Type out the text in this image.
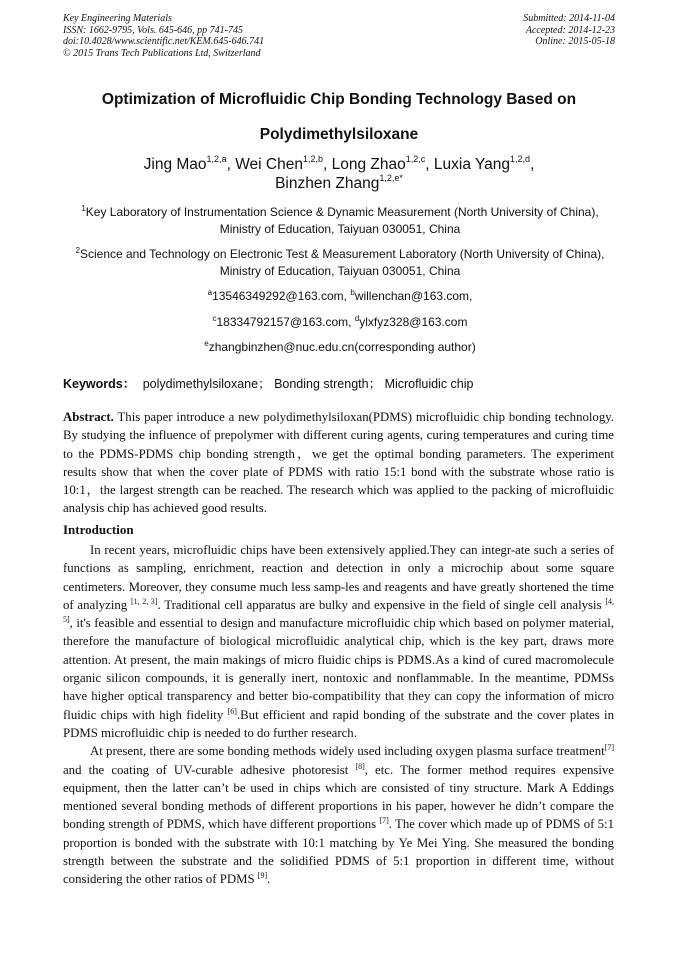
Key Engineering Materials
ISSN: 1662-9795, Vols. 645-646, pp 741-745
doi:10.4028/www.scientific.net/KEM.645-646.741
© 2015 Trans Tech Publications Ltd, Switzerland
Submitted: 2014-11-04
Accepted: 2014-12-23
Online: 2015-05-18
Optimization of Microfluidic Chip Bonding Technology Based on
Polydimethylsiloxane
Jing Mao$^{1,2,a}$, Wei Chen$^{1,2,b}$, Long Zhao$^{1,2,c}$, Luxia Yang$^{1,2,d}$,
Binzhen Zhang$^{1,2,e*}$
$^1$Key Laboratory of Instrumentation Science & Dynamic Measurement (North University of China), Ministry of Education, Taiyuan 030051, China
$^2$Science and Technology on Electronic Test & Measurement Laboratory (North University of China), Ministry of Education, Taiyuan 030051, China
$^a$13546349292@163.com, $^b$willenchan@163.com,
$^c$18334792157@163.com, $^d$ylxfyz328@163.com
$^e$zhangbinzhen@nuc.edu.cn(corresponding author)
Keywords： polydimethylsiloxane； Bonding strength； Microfluidic chip
Abstract. This paper introduce a new polydimethylsiloxan(PDMS) microfluidic chip bonding technology. By studying the influence of prepolymer with different curing agents, curing temperatures and curing time to the PDMS-PDMS chip bonding strength，we get the optimal bonding parameters. The experiment results show that when the cover plate of PDMS with ratio 15:1 bond with the substrate whose ratio is 10:1，the largest strength can be reached. The research which was applied to the packing of microfluidic analysis chip has achieved good results.
Introduction

In recent years, microfluidic chips have been extensively applied.They can integr-ate such a series of functions as sampling, enrichment, reaction and detection in only a microchip about some square centimeters. Moreover, they consume much less samp-les and reagents and have greatly shortened the time of analyzing [1, 2, 3]. Traditional cell apparatus are bulky and expensive in the field of single cell analysis [4, 5], it's feasible and essential to design and manufacture microfluidic chip which based on polymer material, therefore the manufacture of biological microfluidic analytical chip, which is the key part, draws more attention. At present, the main makings of micro fluidic chips is PDMS.As a kind of cured macromolecule organic silicon compounds, it is generally inert, nontoxic and nonflammable. In the meantime, PDMSs have higher optical transparency and better bio-compatibility that they can copy the information of micro fluidic chips with high fidelity [6].But efficient and rapid bonding of the substrate and the cover plates in PDMS microfluidic chip is needed to do further research.

At present, there are some bonding methods widely used including oxygen plasma surface treatment[7] and the coating of UV-curable adhesive photoresist [8], etc. The former method requires expensive equipment, then the latter can’t be used in chips which are consisted of tiny structure. Mark A Eddings mentioned several bonding methods of different proportions in his paper, however he didn’t compare the bonding strength of PDMS, which have different proportions [7]. The cover which made up of PDMS of 5:1 proportion is bonded with the substrate with 10:1 matching by Ye Mei Ying. She measured the bonding strength between the substrate and the solidified PDMS of 5:1 proportion in different time, without considering the other ratios of PDMS [9].
